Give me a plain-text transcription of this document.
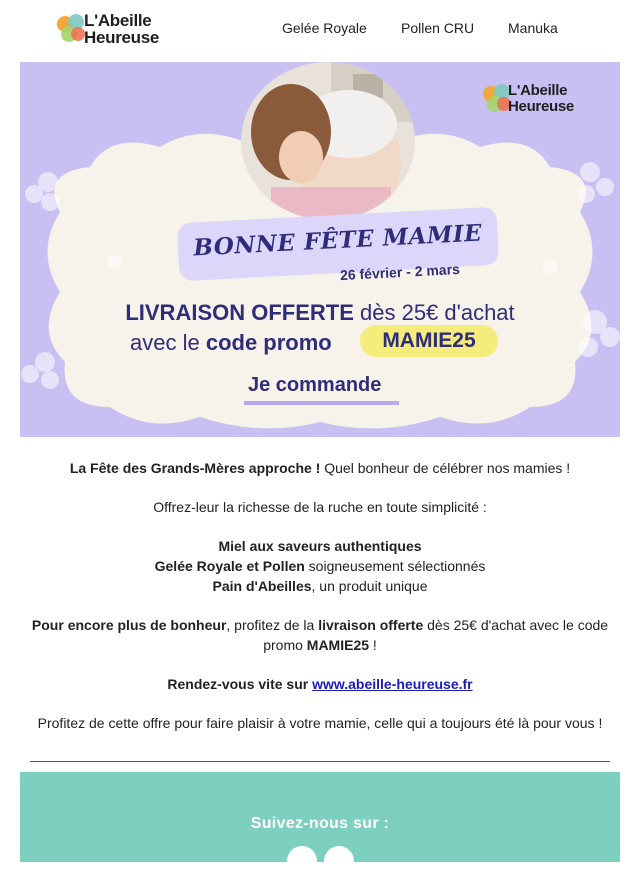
L'Abeille
Heureuse	Gelée Royale Pollen CRU Manuka
L'Abeille
Heureuse
BONNE FÊTE MAMIE
26 février - 2 mars
LIVRAISON OFFERTE dès 25€ d'achat
avec le code promo	MAMIE25
Je commande

La Fête des Grands-Mères approche ! Quel bonheur de célébrer nos mamies !

Offrez-leur la richesse de la ruche en toute simplicité :

Miel aux saveurs authentiques

Gelée Royale et Pollen soigneusement sélectionnés

Pain d'Abeilles, un produit unique

Pour encore plus de bonheur, profitez de la livraison offerte dès 25€ d'achat avec le code promo MAMIE25 !

Rendez-vous vite sur www.abeille-heureuse.fr

Profitez de cette offre pour faire plaisir à votre mamie, celle qui a toujours été là pour vous !

Suivez-nous sur :
